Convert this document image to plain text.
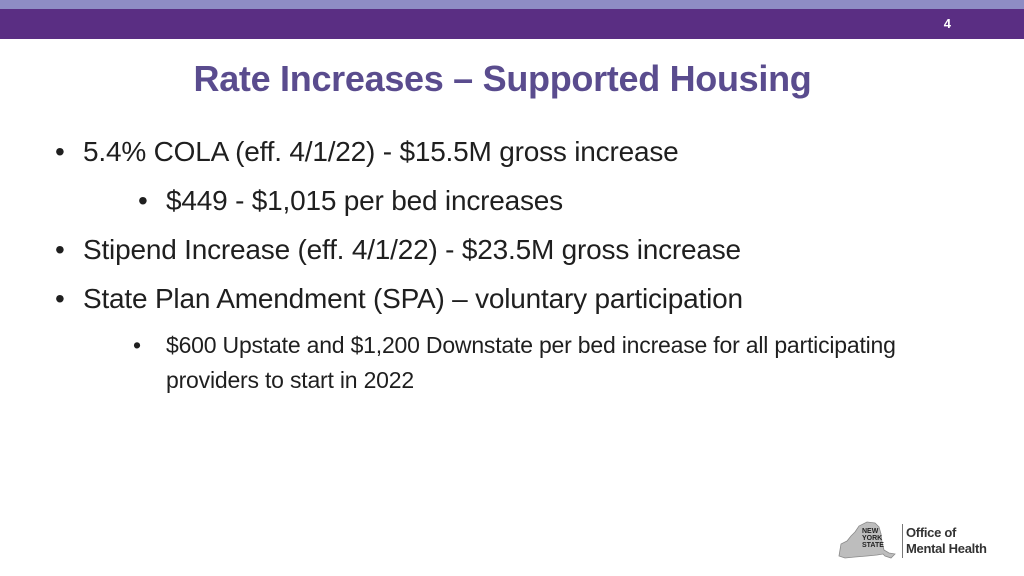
4
Rate Increases – Supported Housing
• 5.4% COLA (eff. 4/1/22) - $15.5M gross increase
• $449 - $1,015 per bed increases
• Stipend Increase (eff. 4/1/22) - $23.5M gross increase
• State Plan Amendment (SPA) – voluntary participation
• $600 Upstate and $1,200 Downstate per bed increase for all participating providers to start in 2022
NEW
YORK
STATE
Office of
Mental Health
